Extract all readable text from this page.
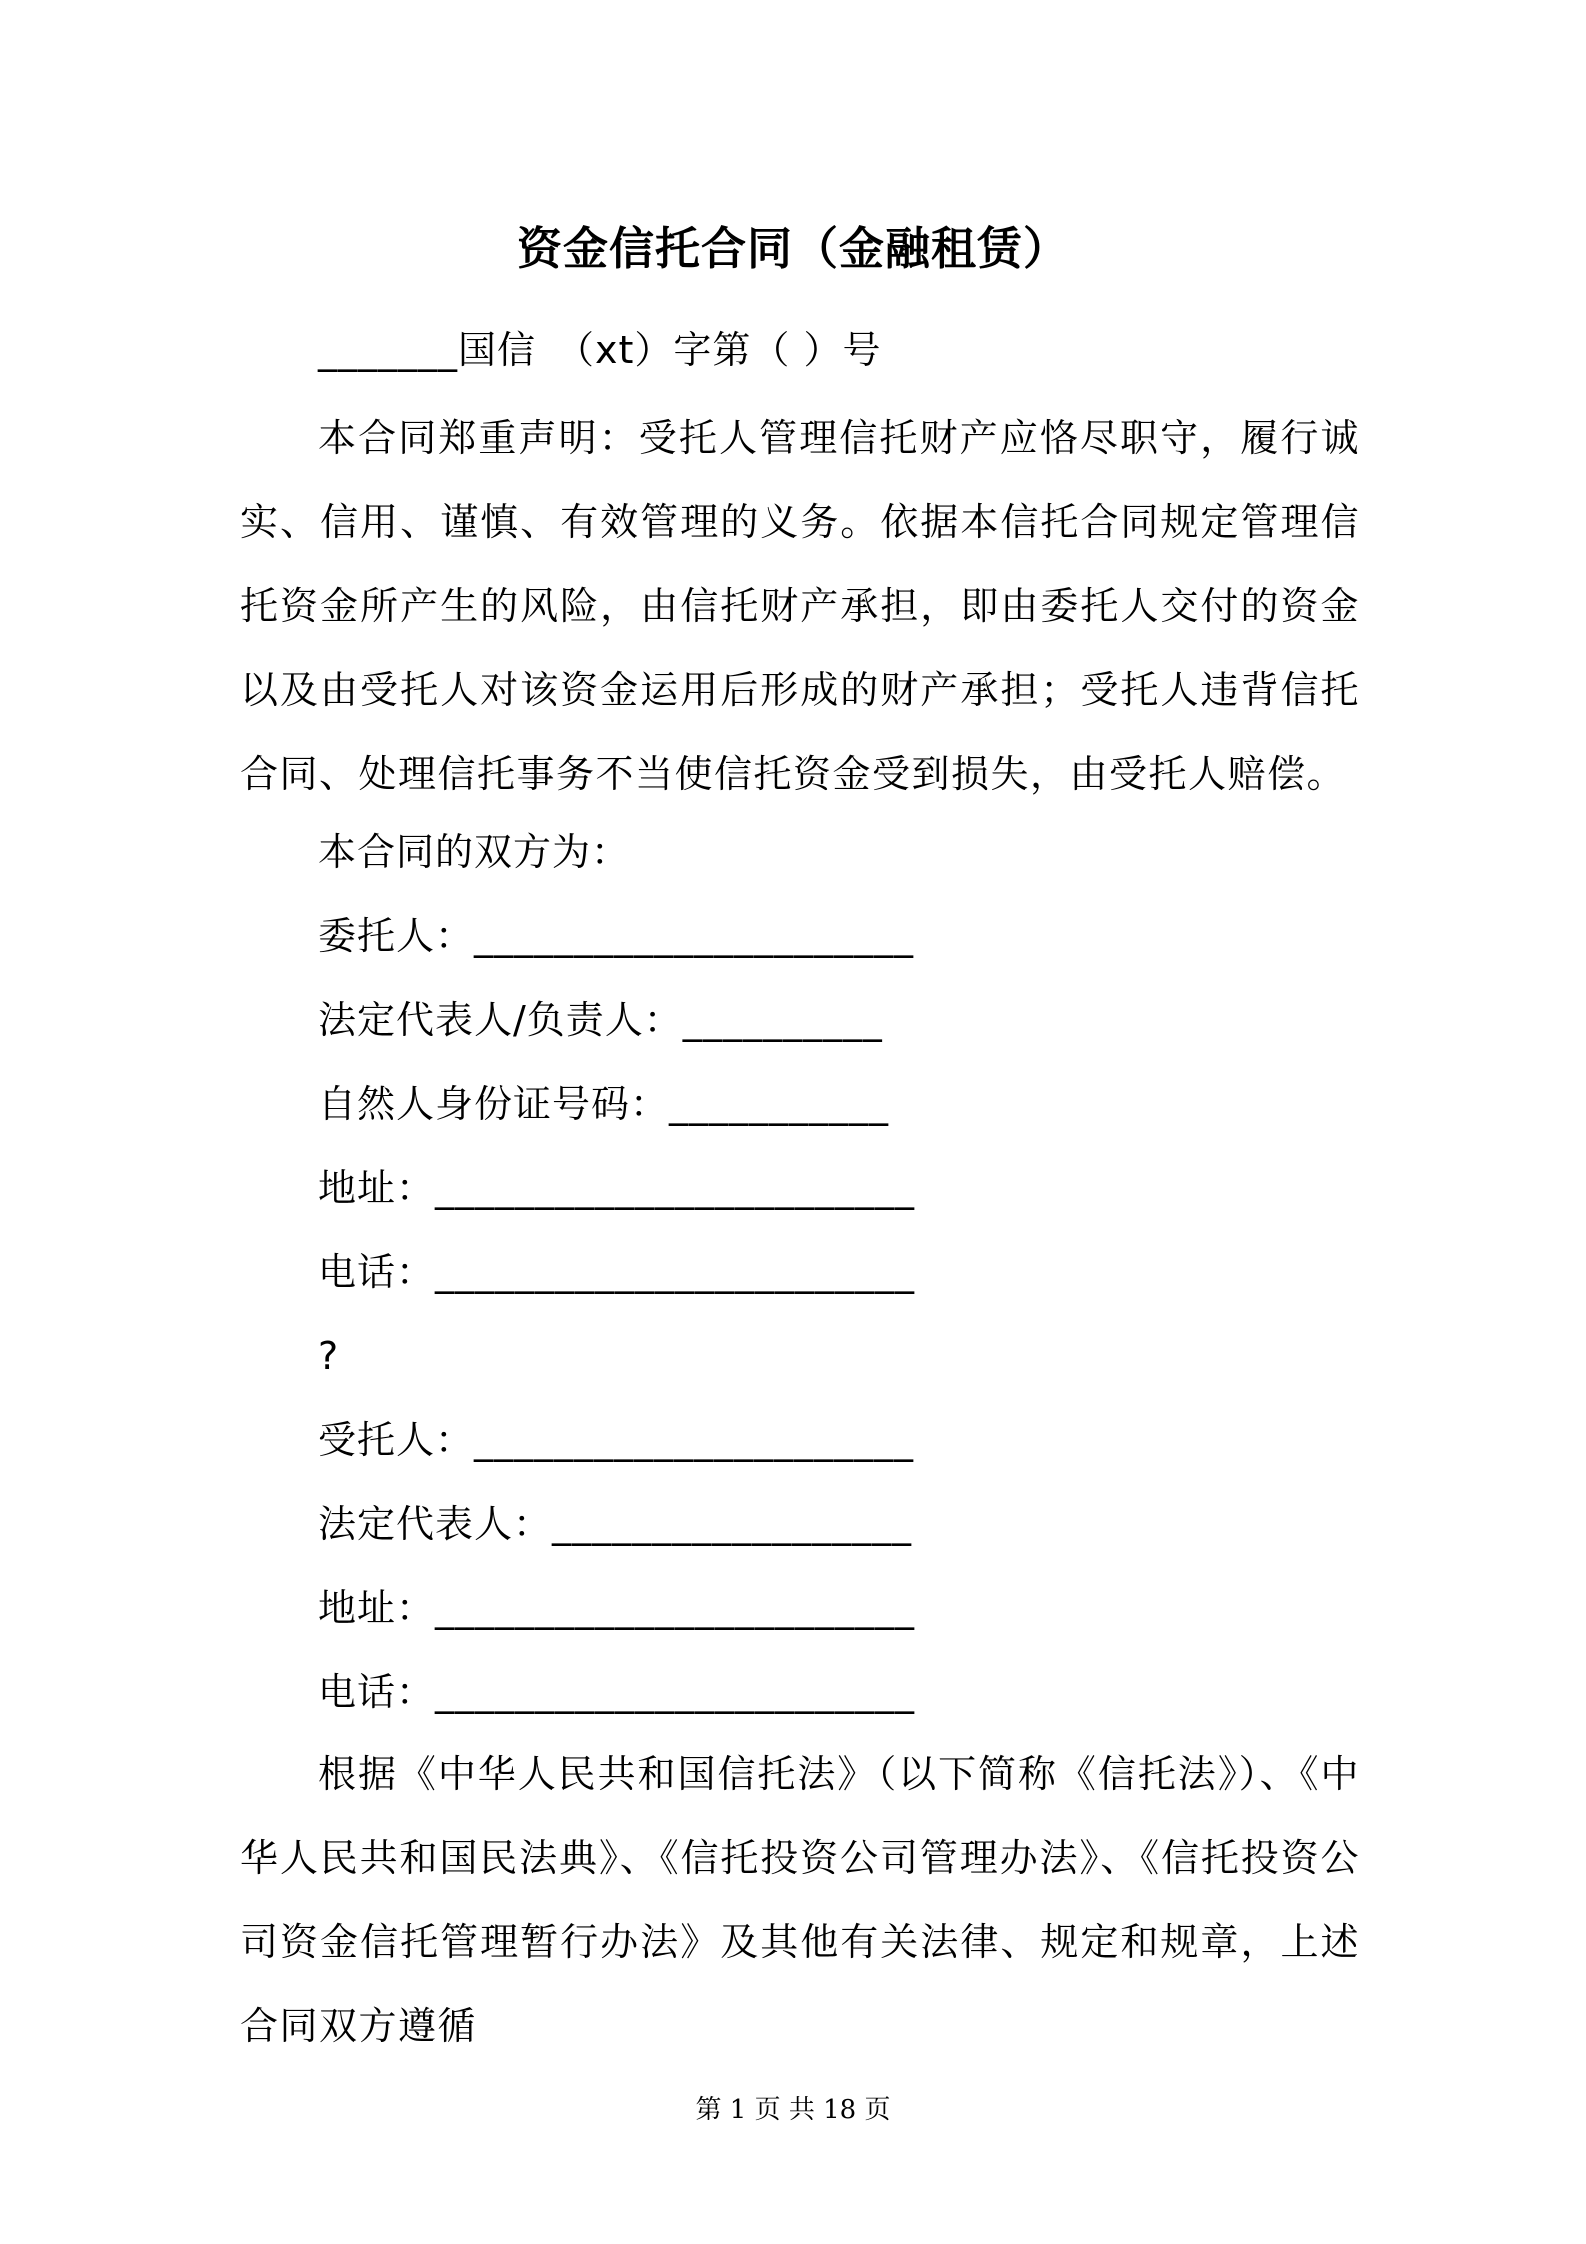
资金信托合同（金融租赁）
_______国信　（xt）字第（ ）号
本合同郑重声明：受托人管理信托财产应恪尽职守，履行诚实、信用、谨慎、有效管理的义务。依据本信托合同规定管理信托资金所产生的风险，由信托财产承担，即由委托人交付的资金以及由受托人对该资金运用后形成的财产承担；受托人违背信托合同、处理信托事务不当使信托资金受到损失，由受托人赔偿。
本合同的双方为：
委托人：______________________
法定代表人/负责人：__________
自然人身份证号码：___________
地址：________________________
电话：________________________
?
受托人：______________________
法定代表人：__________________
地址：________________________
电话：________________________
根据《中华人民共和国信托法》（以下简称《信托法》）、《中华人民共和国民法典》、《信托投资公司管理办法》、《信托投资公司资金信托管理暂行办法》及其他有关法律、规定和规章，上述合同双方遵循
第 1 页 共 18 页
